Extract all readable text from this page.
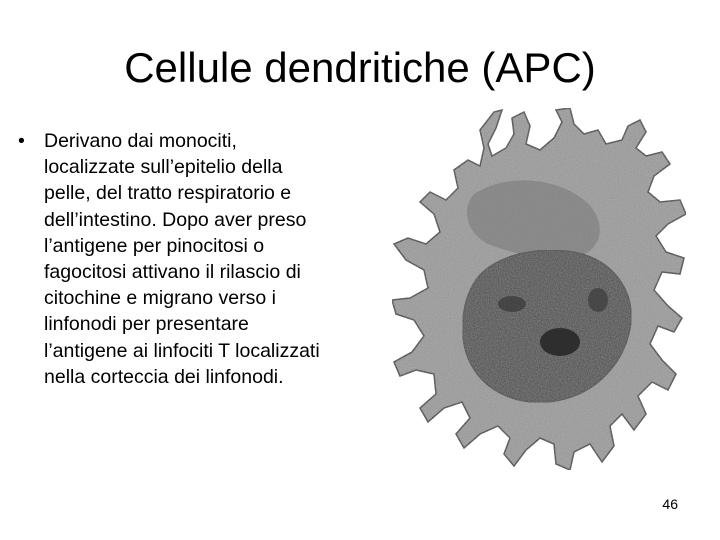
Cellule dendritiche (APC)
• Derivano dai monociti,
localizzate sull’epitelio della
pelle, del tratto respiratorio e
dell’intestino. Dopo aver preso
l’antigene per pinocitosi o
fagocitosi attivano il rilascio di
citochine e migrano verso i
linfonodi per presentare
l’antigene ai linfociti T localizzati
nella corteccia dei linfonodi.
46
